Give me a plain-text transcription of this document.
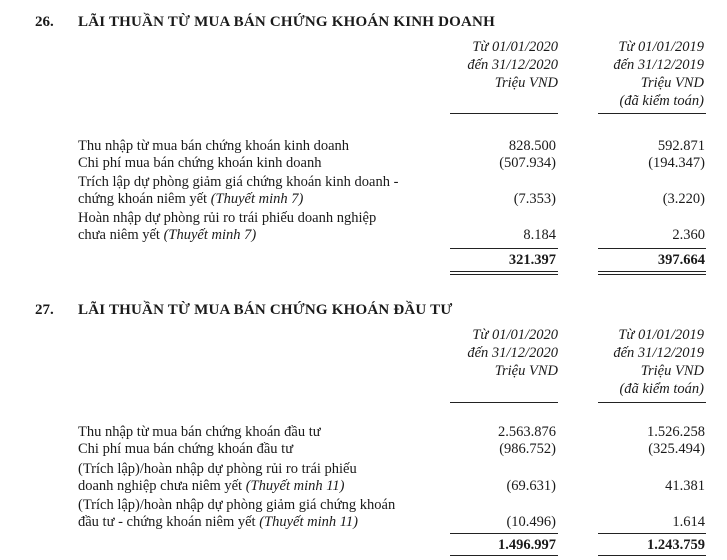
26. LÃI THUẦN TỪ MUA BÁN CHỨNG KHOÁN KINH DOANH
Từ 01/01/2020
đến 31/12/2020
Triệu VND
Từ 01/01/2019
đến 31/12/2019
Triệu VND
(đã kiểm toán)
Thu nhập từ mua bán chứng khoán kinh doanh	828.500	592.871
Chi phí mua bán chứng khoán kinh doanh	(507.934)	(194.347)
Trích lập dự phòng giảm giá chứng khoán kinh doanh -
chứng khoán niêm yết (Thuyết minh 7)	(7.353)	(3.220)
Hoàn nhập dự phòng rủi ro trái phiếu doanh nghiệp
chưa niêm yết (Thuyết minh 7)	8.184	2.360
321.397	397.664
27. LÃI THUẦN TỪ MUA BÁN CHỨNG KHOÁN ĐẦU TƯ
Từ 01/01/2020
đến 31/12/2020
Triệu VND
Từ 01/01/2019
đến 31/12/2019
Triệu VND
(đã kiểm toán)
Thu nhập từ mua bán chứng khoán đầu tư	2.563.876	1.526.258
Chi phí mua bán chứng khoán đầu tư	(986.752)	(325.494)
(Trích lập)/hoàn nhập dự phòng rủi ro trái phiếu
doanh nghiệp chưa niêm yết (Thuyết minh 11)	(69.631)	41.381
(Trích lập)/hoàn nhập dự phòng giảm giá chứng khoán
đầu tư - chứng khoán niêm yết (Thuyết minh 11)	(10.496)	1.614
1.496.997	1.243.759
